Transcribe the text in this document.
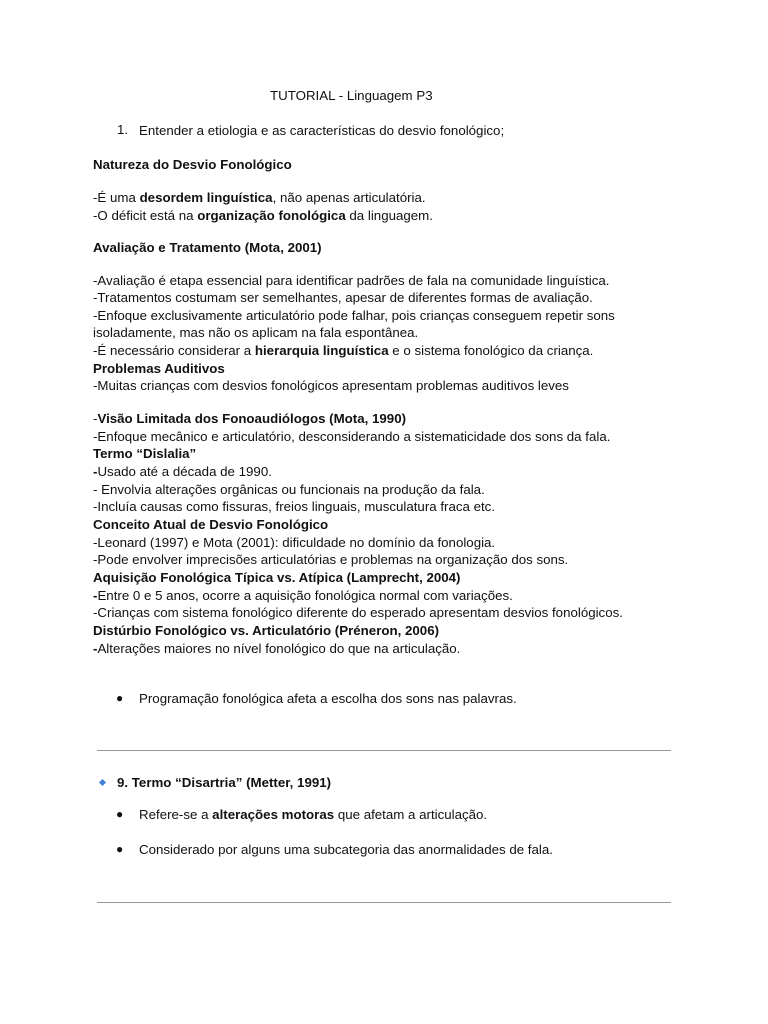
TUTORIAL - Linguagem P3
1. Entender a etiologia e as características do desvio fonológico;
Natureza do Desvio Fonológico
-É uma desordem linguística, não apenas articulatória.
-O déficit está na organização fonológica da linguagem.
Avaliação e Tratamento (Mota, 2001)
-Avaliação é etapa essencial para identificar padrões de fala na comunidade linguística.
-Tratamentos costumam ser semelhantes, apesar de diferentes formas de avaliação.
-Enfoque exclusivamente articulatório pode falhar, pois crianças conseguem repetir sons
isoladamente, mas não os aplicam na fala espontânea.
-É necessário considerar a hierarquia linguística e o sistema fonológico da criança.
Problemas Auditivos
-Muitas crianças com desvios fonológicos apresentam problemas auditivos leves
-Visão Limitada dos Fonoaudiólogos (Mota, 1990)
-Enfoque mecânico e articulatório, desconsiderando a sistematicidade dos sons da fala.
Termo “Dislalia”
-Usado até a década de 1990.
- Envolvia alterações orgânicas ou funcionais na produção da fala.
-Incluía causas como fissuras, freios linguais, musculatura fraca etc.
Conceito Atual de Desvio Fonológico
-Leonard (1997) e Mota (2001): dificuldade no domínio da fonologia.
-Pode envolver imprecisões articulatórias e problemas na organização dos sons.
Aquisição Fonológica Típica vs. Atípica (Lamprecht, 2004)
-Entre 0 e 5 anos, ocorre a aquisição fonológica normal com variações.
-Crianças com sistema fonológico diferente do esperado apresentam desvios fonológicos.
Distúrbio Fonológico vs. Articulatório (Préneron, 2006)
-Alterações maiores no nível fonológico do que na articulação.
● Programação fonológica afeta a escolha dos sons nas palavras.
9. Termo “Disartria” (Metter, 1991)
● Refere-se a alterações motoras que afetam a articulação.
● Considerado por alguns uma subcategoria das anormalidades de fala.
